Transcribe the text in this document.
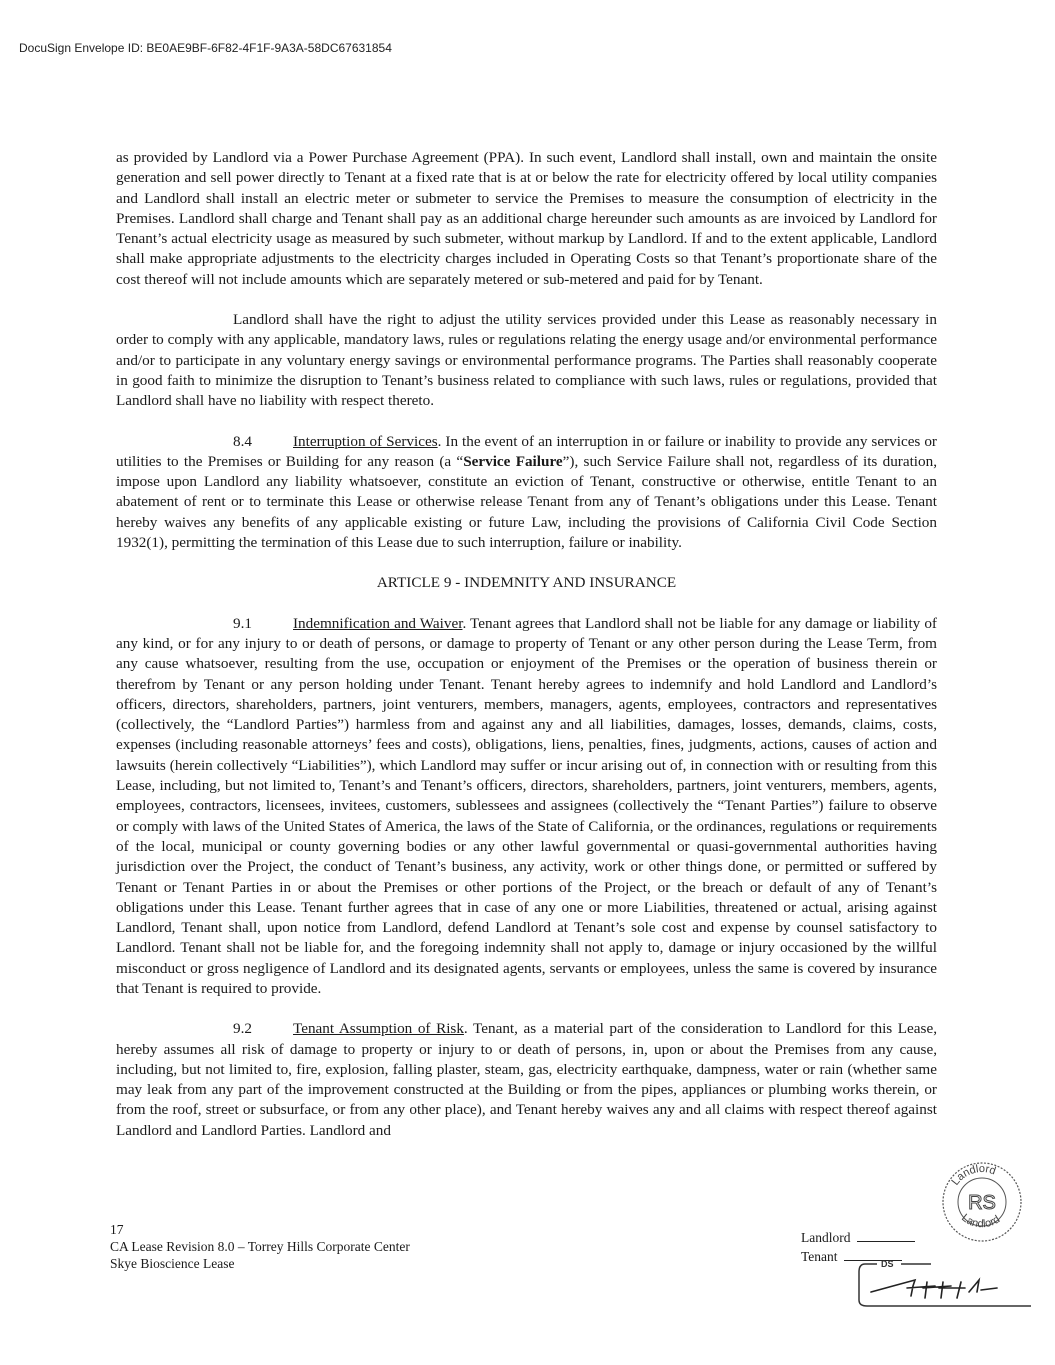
DocuSign Envelope ID: BE0AE9BF-6F82-4F1F-9A3A-58DC67631854

as provided by Landlord via a Power Purchase Agreement (PPA). In such event, Landlord shall install, own and maintain the onsite generation and sell power directly to Tenant at a fixed rate that is at or below the rate for electricity offered by local utility companies and Landlord shall install an electric meter or submeter to service the Premises to measure the consumption of electricity in the Premises. Landlord shall charge and Tenant shall pay as an additional charge hereunder such amounts as are invoiced by Landlord for Tenant’s actual electricity usage as measured by such submeter, without markup by Landlord. If and to the extent applicable, Landlord shall make appropriate adjustments to the electricity charges included in Operating Costs so that Tenant’s proportionate share of the cost thereof will not include amounts which are separately metered or sub-metered and paid for by Tenant.

Landlord shall have the right to adjust the utility services provided under this Lease as reasonably necessary in order to comply with any applicable, mandatory laws, rules or regulations relating the energy usage and/or environmental performance and/or to participate in any voluntary energy savings or environmental performance programs. The Parties shall reasonably cooperate in good faith to minimize the disruption to Tenant’s business related to compliance with such laws, rules or regulations, provided that Landlord shall have no liability with respect thereto.

8.4	Interruption of Services. In the event of an interruption in or failure or inability to provide any services or utilities to the Premises or Building for any reason (a “Service Failure”), such Service Failure shall not, regardless of its duration, impose upon Landlord any liability whatsoever, constitute an eviction of Tenant, constructive or otherwise, entitle Tenant to an abatement of rent or to terminate this Lease or otherwise release Tenant from any of Tenant’s obligations under this Lease. Tenant hereby waives any benefits of any applicable existing or future Law, including the provisions of California Civil Code Section 1932(1), permitting the termination of this Lease due to such interruption, failure or inability.

ARTICLE 9 - INDEMNITY AND INSURANCE

9.1	Indemnification and Waiver. Tenant agrees that Landlord shall not be liable for any damage or liability of any kind, or for any injury to or death of persons, or damage to property of Tenant or any other person during the Lease Term, from any cause whatsoever, resulting from the use, occupation or enjoyment of the Premises or the operation of business therein or therefrom by Tenant or any person holding under Tenant. Tenant hereby agrees to indemnify and hold Landlord and Landlord’s officers, directors, shareholders, partners, joint venturers, members, managers, agents, employees, contractors and representatives (collectively, the “Landlord Parties”) harmless from and against any and all liabilities, damages, losses, demands, claims, costs, expenses (including reasonable attorneys’ fees and costs), obligations, liens, penalties, fines, judgments, actions, causes of action and lawsuits (herein collectively “Liabilities”), which Landlord may suffer or incur arising out of, in connection with or resulting from this Lease, including, but not limited to, Tenant’s and Tenant’s officers, directors, shareholders, partners, joint venturers, members, agents, employees, contractors, licensees, invitees, customers, sublessees and assignees (collectively the “Tenant Parties”) failure to observe or comply with laws of the United States of America, the laws of the State of California, or the ordinances, regulations or requirements of the local, municipal or county governing bodies or any other lawful governmental or quasi-governmental authorities having jurisdiction over the Project, the conduct of Tenant’s business, any activity, work or other things done, or permitted or suffered by Tenant or Tenant Parties in or about the Premises or other portions of the Project, or the breach or default of any of Tenant’s obligations under this Lease. Tenant further agrees that in case of any one or more Liabilities, threatened or actual, arising against Landlord, Tenant shall, upon notice from Landlord, defend Landlord at Tenant’s sole cost and expense by counsel satisfactory to Landlord. Tenant shall not be liable for, and the foregoing indemnity shall not apply to, damage or injury occasioned by the willful misconduct or gross negligence of Landlord and its designated agents, servants or employees, unless the same is covered by insurance that Tenant is required to provide.

9.2	Tenant Assumption of Risk. Tenant, as a material part of the consideration to Landlord for this Lease, hereby assumes all risk of damage to property or injury to or death of persons, in, upon or about the Premises from any cause, including, but not limited to, fire, explosion, falling plaster, steam, gas, electricity earthquake, dampness, water or rain (whether same may leak from any part of the improvement constructed at the Building or from the pipes, appliances or plumbing works therein, or from the roof, street or subsurface, or from any other place), and Tenant hereby waives any and all claims with respect thereof against Landlord and Landlord Parties. Landlord and

17
CA Lease Revision 8.0 – Torrey Hills Corporate Center
Skye Bioscience Lease
Landlord
Tenant
Landlord
Landlord
RS
DS
